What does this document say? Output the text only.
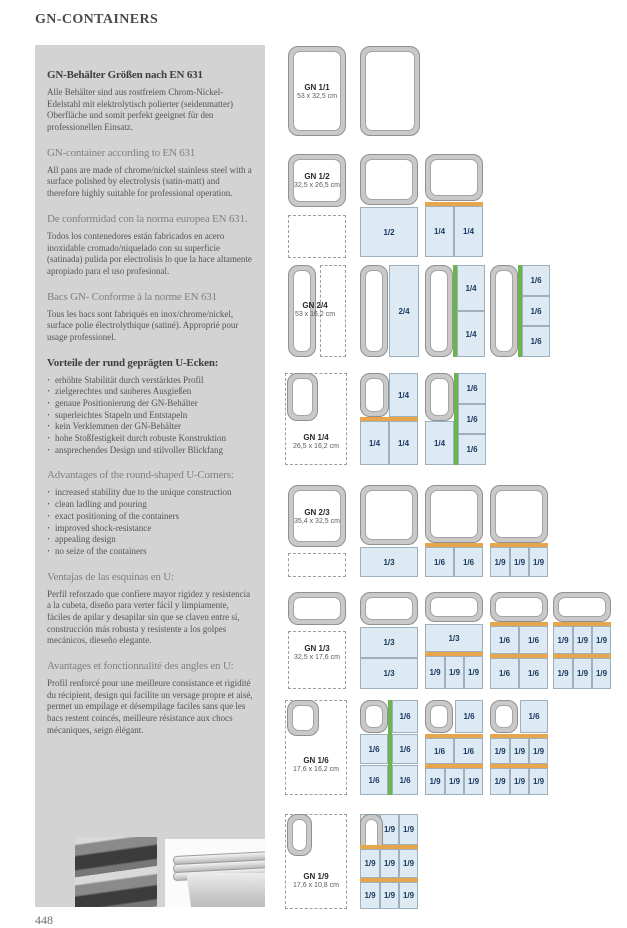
GN-CONTAINERS
GN-Behälter Größen nach EN 631

Alle Behälter sind aus rostfreiem Chrom-Nickel-Edelstahl mit elektrolytisch polierter (seidenmatter) Oberfläche und somit perfekt geeignet für den professionellen Einsatz.

GN-container according to EN 631

All pans are made of chrome/nickel stainless steel with a surface polished by electrolysis (satin-matt) and therefore highly suitable for professional operation.

De conformidad con la norma europea EN 631.

Todos los contenedores están fabricados en acero inoxidable cromado/niquelado con su superficie (satinada) pulida por electrolisis lo que la hace altamente apropiado para el uso profesional.

Bacs GN- Conforme à la norme EN 631

Tous les bacs sont fabriqués en inox/chrome/nickel, surface polie électrolythique (satiné). Approprié pour usage professionel.

Vorteile der rund geprägten U-Ecken:
· erhöhte Stabilität durch verstärktes Profil
· zielgerechtes und sauberes Ausgießen
· genaue Positionierung der GN-Behälter
· superleichtes Stapeln und Entstapeln
· kein Verklemmen der GN-Behälter
· hohe Stoßfestigkeit durch robuste Konstruktion
· ansprechendes Design und stilvoller Blickfang
Advantages of the round-shaped U-Corners:
· increased stability due to the unique construction
· clean ladling and pouring
· exact positioning of the containers
· improved shock-resistance
· appealing design
· no seize of the containers
Ventajas de las esquinas en U:

Perfil reforzado que confiere mayor rigidez y resistencia a la cubeta, diseño para verter fácil y limpiamente, fáciles de apilar y desapilar sin que se claven entre sí, construcción más robusta y resistente a los golpes mecánicos, dieseño elegante.

Avantages et fonctionnalité des angles en U:

Profil renforcé pour une meilleure consistance et rigidité du récipient, design qui facilite un versage propre et aisé, permet un empilage et désempilage faciles sans que les bacs restent coincés, meilleure résistance aux chocs mécaniques, seign élégant.

GN 1/1
53 x 32,5 cm
GN 1/2
32,5 x 26,5 cm
1/2	1/4	1/4
GN 2/4
53 x 16,2 cm	2/4
1/4
1/4
1/6
1/6
1/6
GN 1/4
26,5 x 16,2 cm
1/4
1/4	1/4	1/4
1/6
1/6
1/6
GN 2/3
35,4 x 32,5 cm
1/3	1/6	1/6	1/9	1/9 1/9
GN 1/3
32,5 x 17,6 cm
1/3
1/3
1/3
1/9	1/9 1/9
1/6	1/6
1/6	1/6
1/9	1/9 1/9
1/9	1/9 1/9
GN 1/6
17,6 x 16,2 cm
1/6
1/6	1/6
1/6	1/6
1/6
1/6	1/6
1/9	1/9 1/9
1/6
1/9	1/9 1/9
1/9	1/9 1/9
GN 1/9
17,6 x 10,8 cm
1/9 1/9
1/9	1/9 1/9
1/9	1/9 1/9
448
